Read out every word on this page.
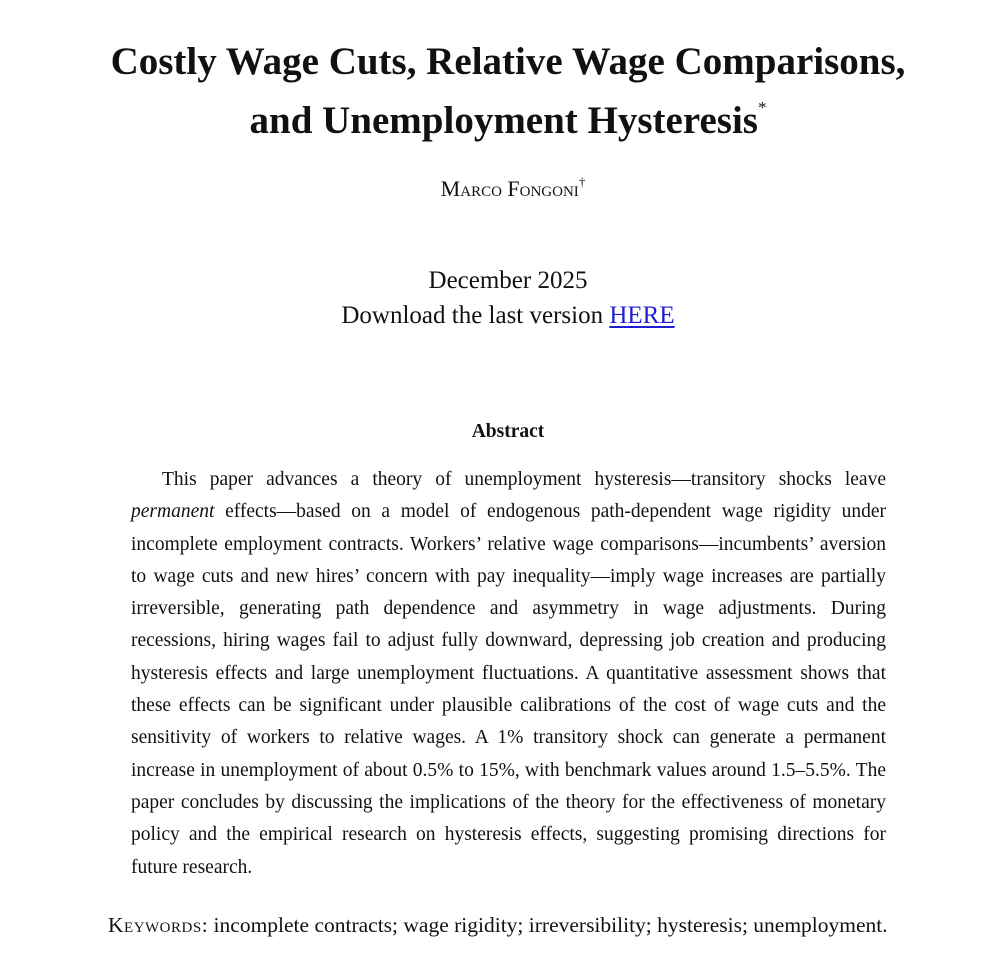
Costly Wage Cuts, Relative Wage Comparisons,
and Unemployment Hysteresis*
Marco Fongoni†
December 2025
Download the last version HERE
Abstract

This paper advances a theory of unemployment hysteresis—transitory shocks leave permanent effects—based on a model of endogenous path-dependent wage rigidity under incomplete employment contracts. Workers’ relative wage comparisons—incumbents’ aversion to wage cuts and new hires’ concern with pay inequality—imply wage increases are partially irreversible, generating path dependence and asymmetry in wage adjustments. During recessions, hiring wages fail to adjust fully downward, depressing job creation and producing hysteresis effects and large unemployment fluctuations. A quantitative assessment shows that these effects can be significant under plausible calibrations of the cost of wage cuts and the sensitivity of workers to relative wages. A 1% transitory shock can generate a permanent increase in unemployment of about 0.5% to 15%, with benchmark values around 1.5–5.5%. The paper concludes by discussing the implications of the theory for the effectiveness of monetary policy and the empirical research on hysteresis effects, suggesting promising directions for future research.

Keywords: incomplete contracts; wage rigidity; irreversibility; hysteresis; unemployment.
